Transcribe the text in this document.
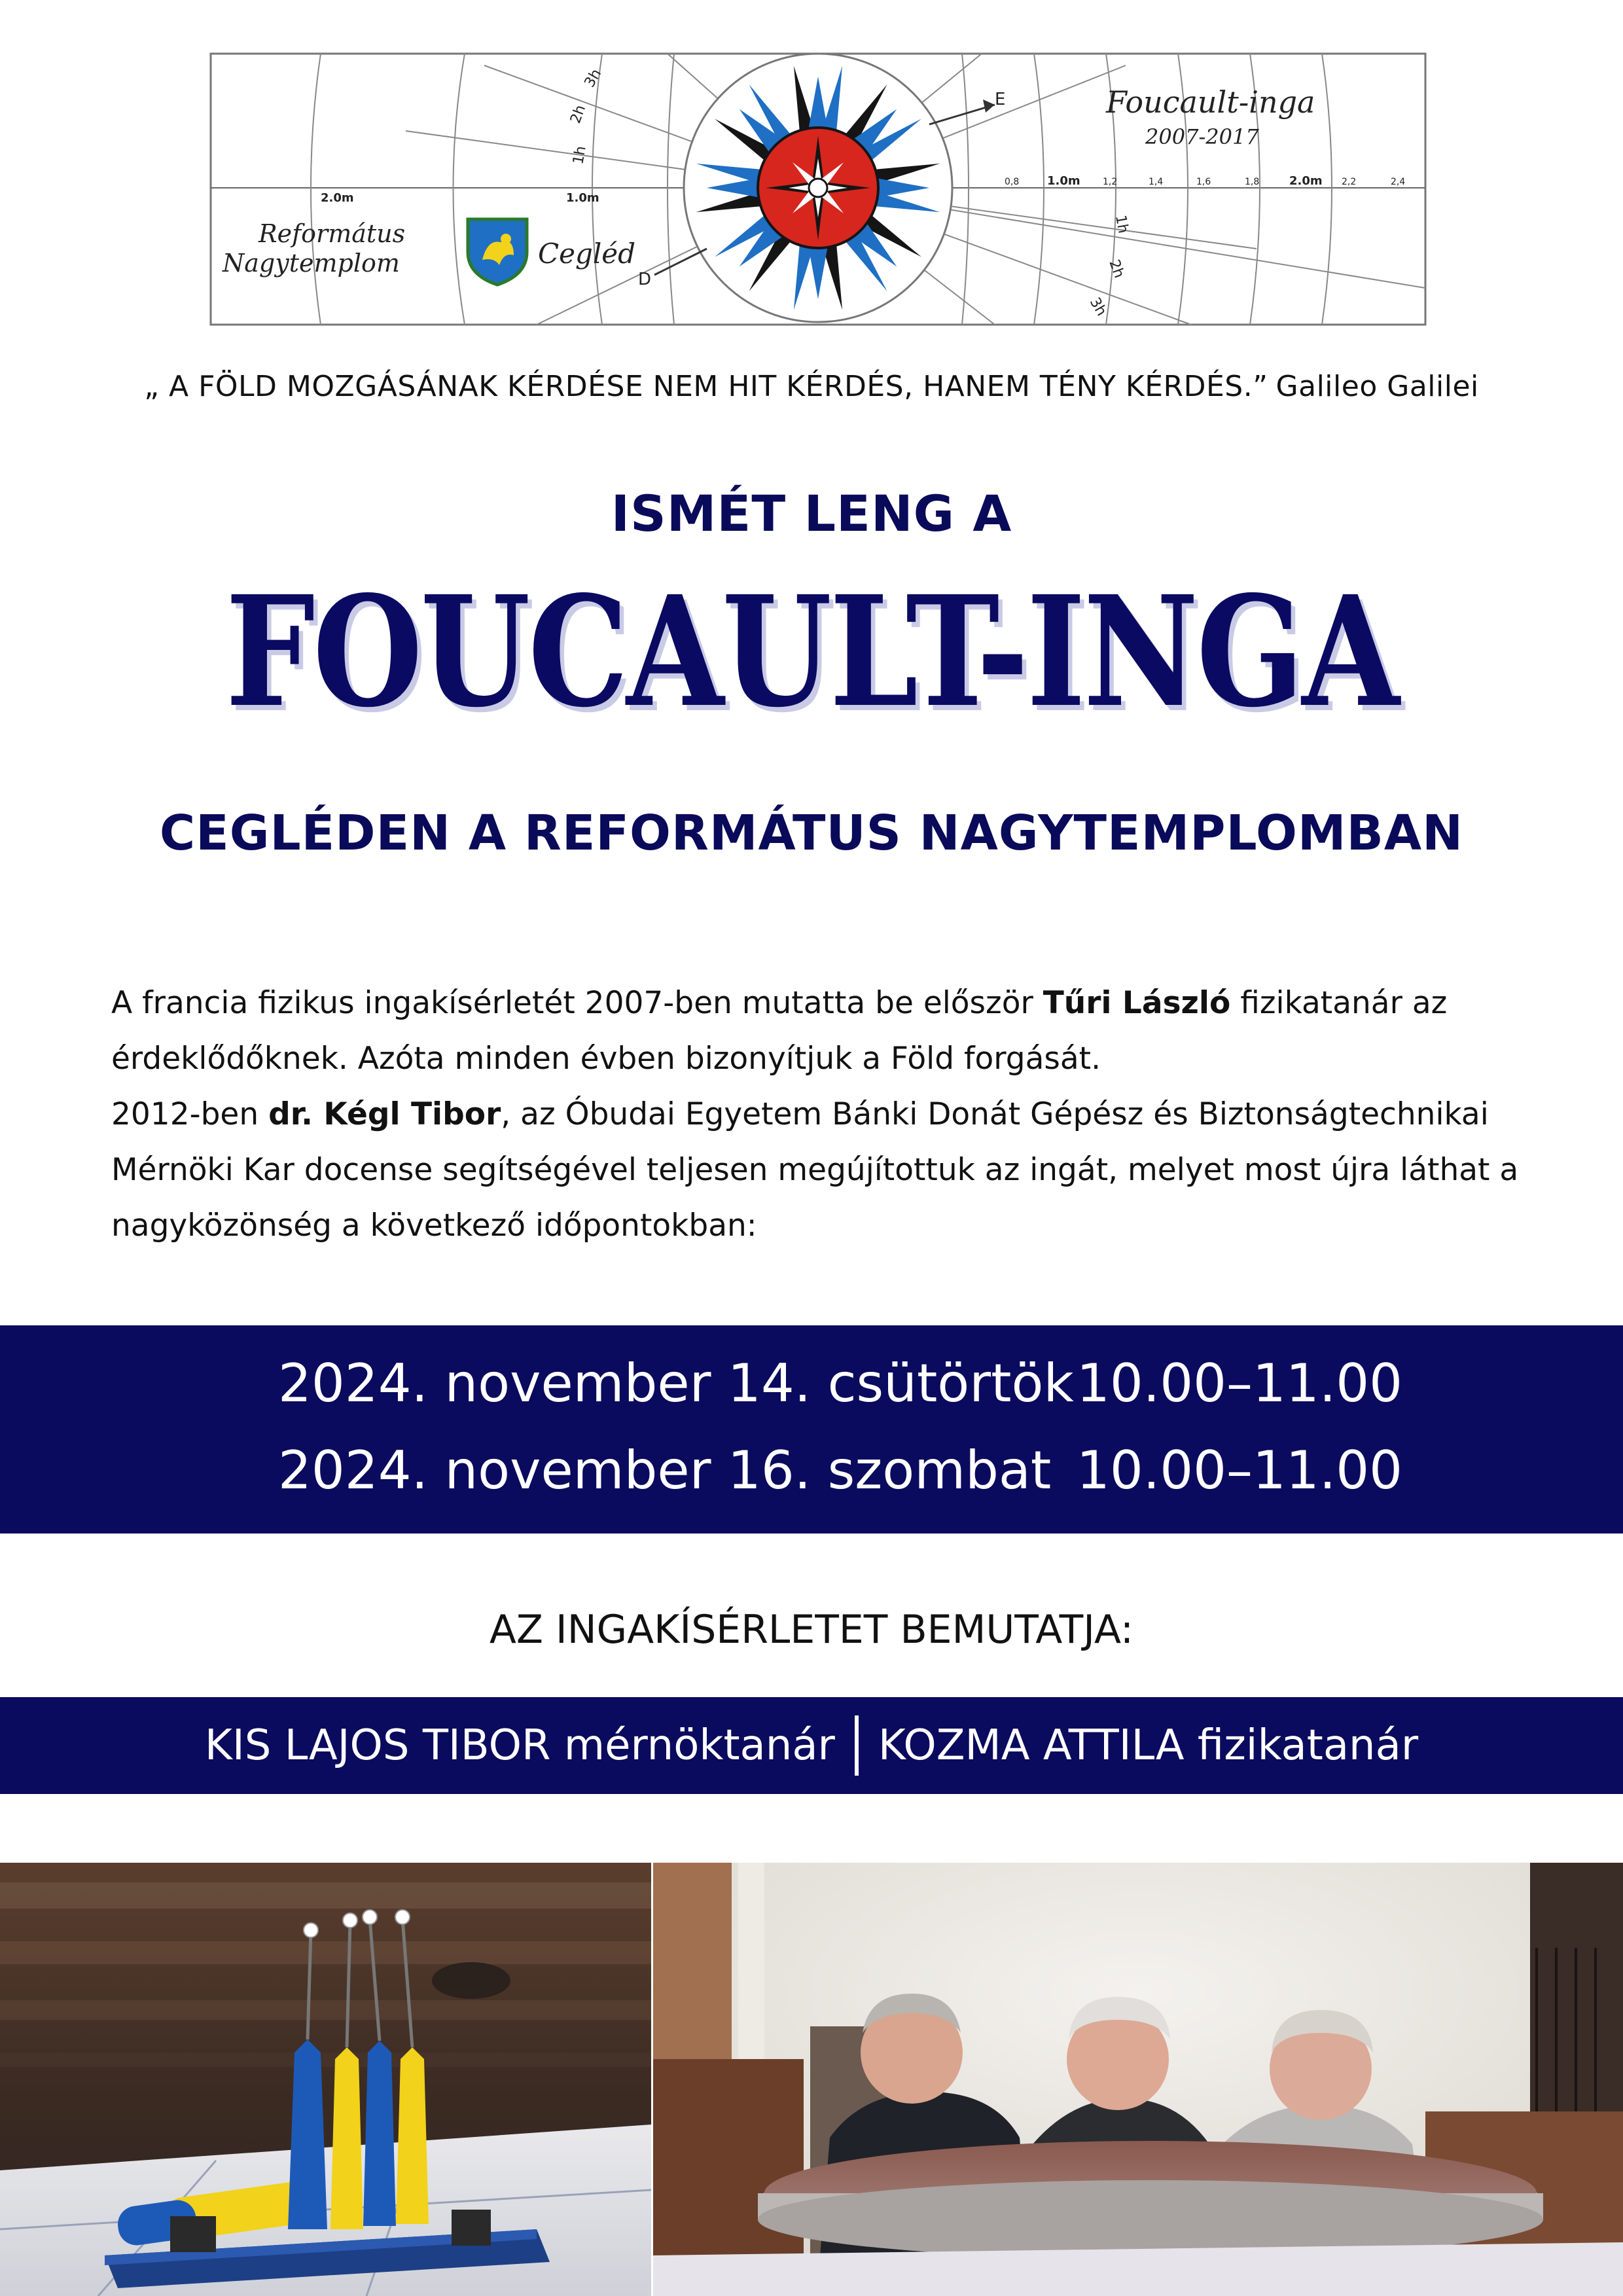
E
D
1h
2h
3h
1h
2h
3h
2.0m	1.0m
0,8 1.0m 1,2	1,4	1,6	1,8	2.0m 2,2	2,4
Foucault-inga
2007-2017
Református
Nagytemplom	Cegléd
„ A FÖLD MOZGÁSÁNAK KÉRDÉSE NEM HIT KÉRDÉS, HANEM TÉNY KÉRDÉS.” Galileo Galilei
ISMÉT LENG A
FOUCAULT-INGA
CEGLÉDEN A REFORMÁTUS NAGYTEMPLOMBAN

A francia fizikus ingakísérletét 2007-ben mutatta be először Tűri László fizikatanár az érdeklődőknek. Azóta minden évben bizonyítjuk a Föld forgását.

2012-ben dr. Kégl Tibor, az Óbudai Egyetem Bánki Donát Gépész és Biztonságtechnikai Mérnöki Kar docense segítségével teljesen megújítottuk az ingát, melyet most újra láthat a nagyközönség a következő időpontokban:

2024. november 14. csütörtök 10.00–11.00
2024. november 16. szombat 10.00–11.00
AZ INGAKÍSÉRLETET BEMUTATJA:
KIS LAJOS TIBOR mérnöktanár KOZMA ATTILA fizikatanár
